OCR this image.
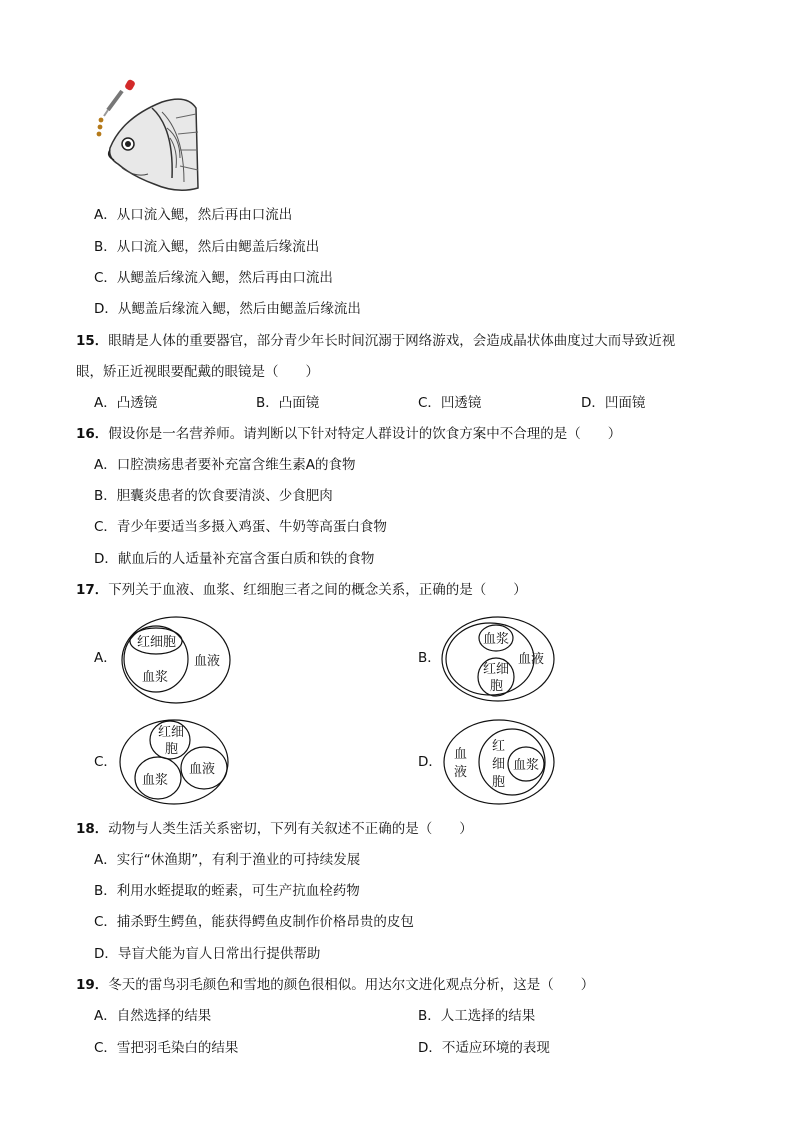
A．从口流入鳃，然后再由口流出
B．从口流入鳃，然后由鳃盖后缘流出
C．从鳃盖后缘流入鳃，然后再由口流出
D．从鳃盖后缘流入鳃，然后由鳃盖后缘流出
15．眼睛是人体的重要器官，部分青少年长时间沉溺于网络游戏，会造成晶状体曲度过大而导致近视
眼，矫正近视眼要配戴的眼镜是（　　）
A．凸透镜	B．凸面镜	C．凹透镜	D．凹面镜
16．假设你是一名营养师。请判断以下针对特定人群设计的饮食方案中不合理的是（　　）
A．口腔溃疡患者要补充富含维生素A的食物
B．胆囊炎患者的饮食要清淡、少食肥肉
C．青少年要适当多摄入鸡蛋、牛奶等高蛋白食物
D．献血后的人适量补充富含蛋白质和铁的食物
17．下列关于血液、血浆、红细胞三者之间的概念关系，正确的是（　　）
A．
红细胞
血浆
血液	B．
血浆
红细
胞
血液
C．
红细
胞
血浆
血液	D． 血
液
红
细
胞
血浆
18．动物与人类生活关系密切，下列有关叙述不正确的是（　　）
A．实行“休渔期”，有利于渔业的可持续发展
B．利用水蛭提取的蛭素，可生产抗血栓药物
C．捕杀野生鳄鱼，能获得鳄鱼皮制作价格昂贵的皮包
D．导盲犬能为盲人日常出行提供帮助
19．冬天的雷鸟羽毛颜色和雪地的颜色很相似。用达尔文进化观点分析，这是（　　）
A．自然选择的结果	B．人工选择的结果
C．雪把羽毛染白的结果	D．不适应环境的表现
